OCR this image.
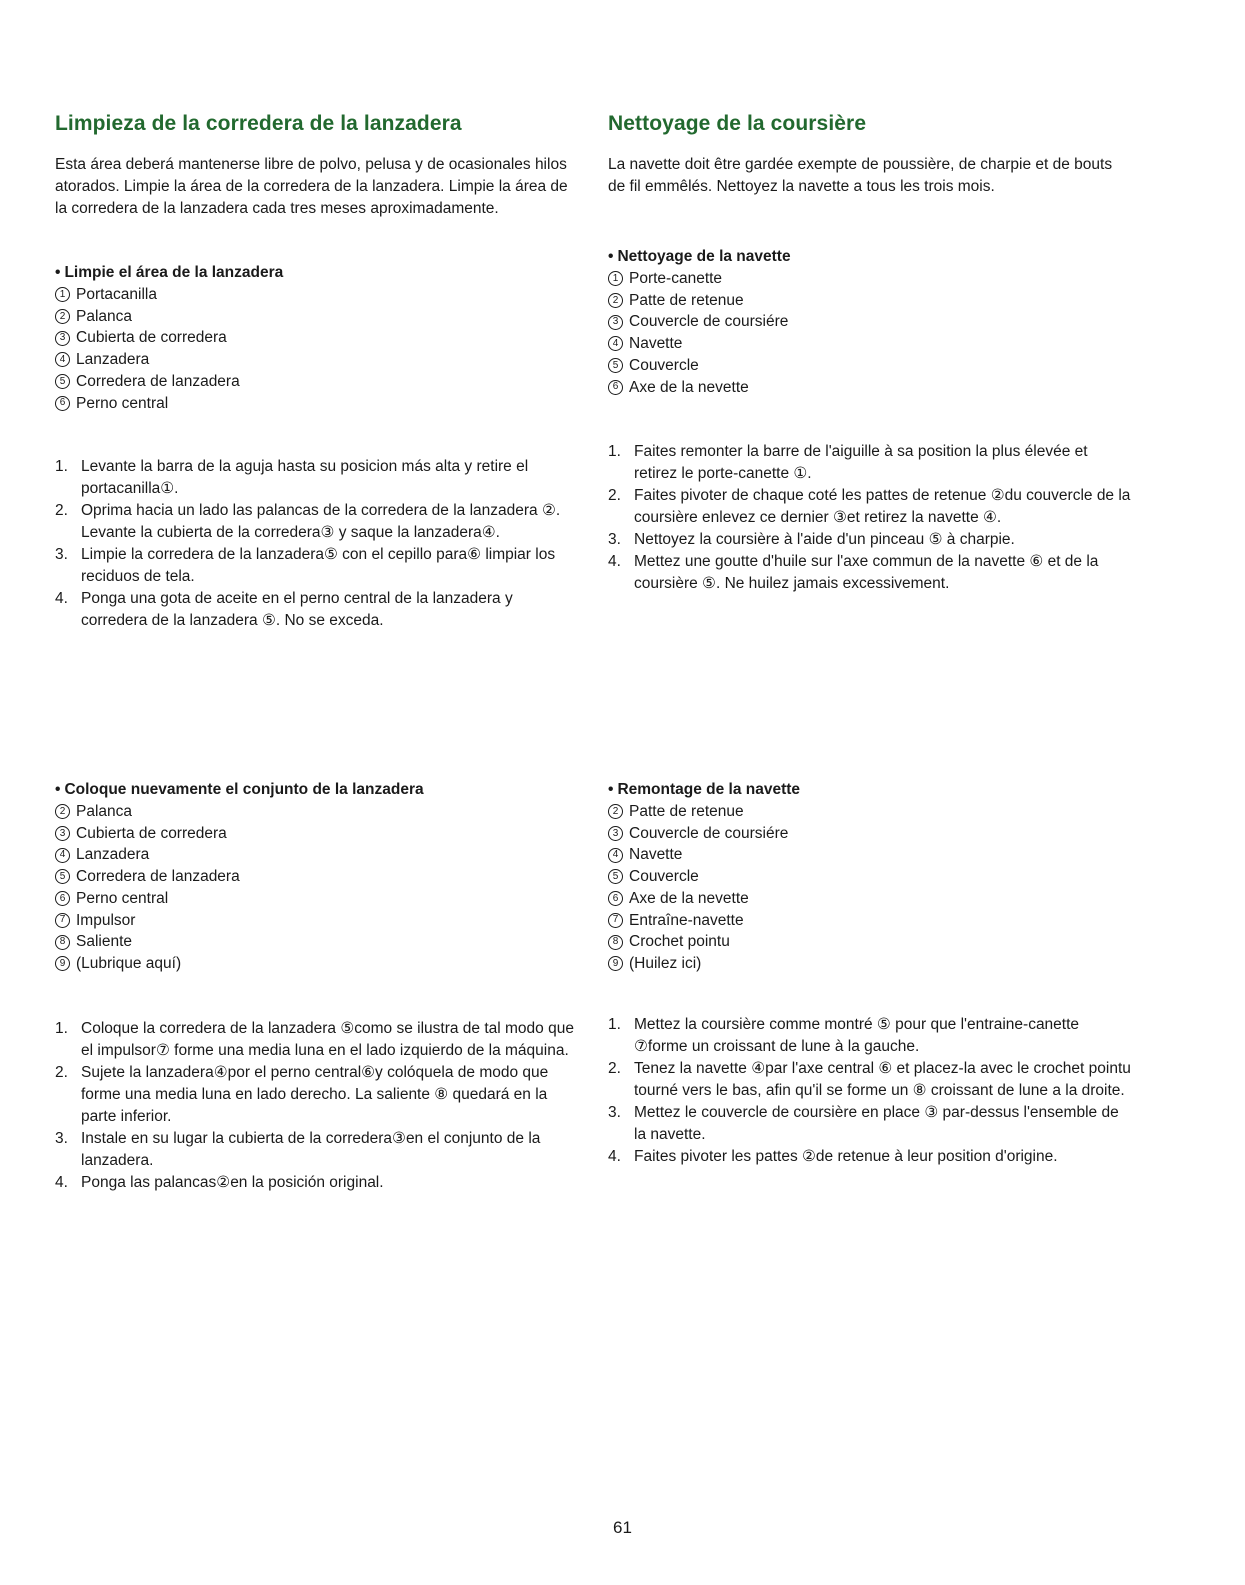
Limpieza de la corredera de la lanzadera

Esta área deberá mantenerse libre de polvo, pelusa y de ocasionales hilos atorados. Limpie la área de la corredera de la lanzadera. Limpie la área de la corredera de la lanzadera cada tres meses aproximadamente.

• Limpie el área de la lanzadera

1 Portacanilla
2 Palanca
3 Cubierta de corredera
4 Lanzadera
5 Corredera de lanzadera
6 Perno central
1. Levante la barra de la aguja hasta su posicion más alta y retire el portacanilla①.
2. Oprima hacia un lado las palancas de la corredera de la lanzadera ②. Levante la cubierta de la corredera③ y saque la lanzadera④.
3. Limpie la corredera de la lanzadera⑤ con el cepillo para⑥ limpiar los reciduos de tela.
4. Ponga una gota de aceite en el perno central de la lanzadera y corredera de la lanzadera ⑤. No se exceda.

• Coloque nuevamente el conjunto de la lanzadera

2 Palanca
3 Cubierta de corredera
4 Lanzadera
5 Corredera de lanzadera
6 Perno central
7 Impulsor
8 Saliente
9 (Lubrique aquí)
1. Coloque la corredera de la lanzadera ⑤como se ilustra de tal modo que el impulsor⑦ forme una media luna en el lado izquierdo de la máquina.
2. Sujete la lanzadera④por el perno central⑥y colóquela de modo que forme una media luna en lado derecho. La saliente ⑧ quedará en la parte inferior.
3. Instale en su lugar la cubierta de la corredera③en el conjunto de la lanzadera.
4. Ponga las palancas②en la posición original.
Nettoyage de la coursière

La navette doit être gardée exempte de poussière, de charpie et de bouts de fil emmêlés. Nettoyez la navette a tous les trois mois.

• Nettoyage de la navette

1 Porte-canette
2 Patte de retenue
3 Couvercle de coursiére
4 Navette
5 Couvercle
6 Axe de la nevette
1. Faites remonter la barre de l'aiguille à sa position la plus élevée et retirez le porte-canette ①.
2. Faites pivoter de chaque coté les pattes de retenue ②du couvercle de la coursière enlevez ce dernier ③et retirez la navette ④.
3. Nettoyez la coursière à l'aide d'un pinceau ⑤ à charpie.
4. Mettez une goutte d'huile sur l'axe commun de la navette ⑥ et de la coursière ⑤. Ne huilez jamais excessivement.

• Remontage de la navette

2 Patte de retenue
3 Couvercle de coursiére
4 Navette
5 Couvercle
6 Axe de la nevette
7 Entraîne-navette
8 Crochet pointu
9 (Huilez ici)
1. Mettez la coursière comme montré ⑤ pour que l'entraine-canette ⑦forme un croissant de lune à la gauche.
2. Tenez la navette ④par l'axe central ⑥ et placez-la avec le crochet pointu tourné vers le bas, afin qu'il se forme un ⑧ croissant de lune a la droite.
3. Mettez le couvercle de coursière en place ③ par-dessus l'ensemble de la navette.
4. Faites pivoter les pattes ②de retenue à leur position d'origine.
61
